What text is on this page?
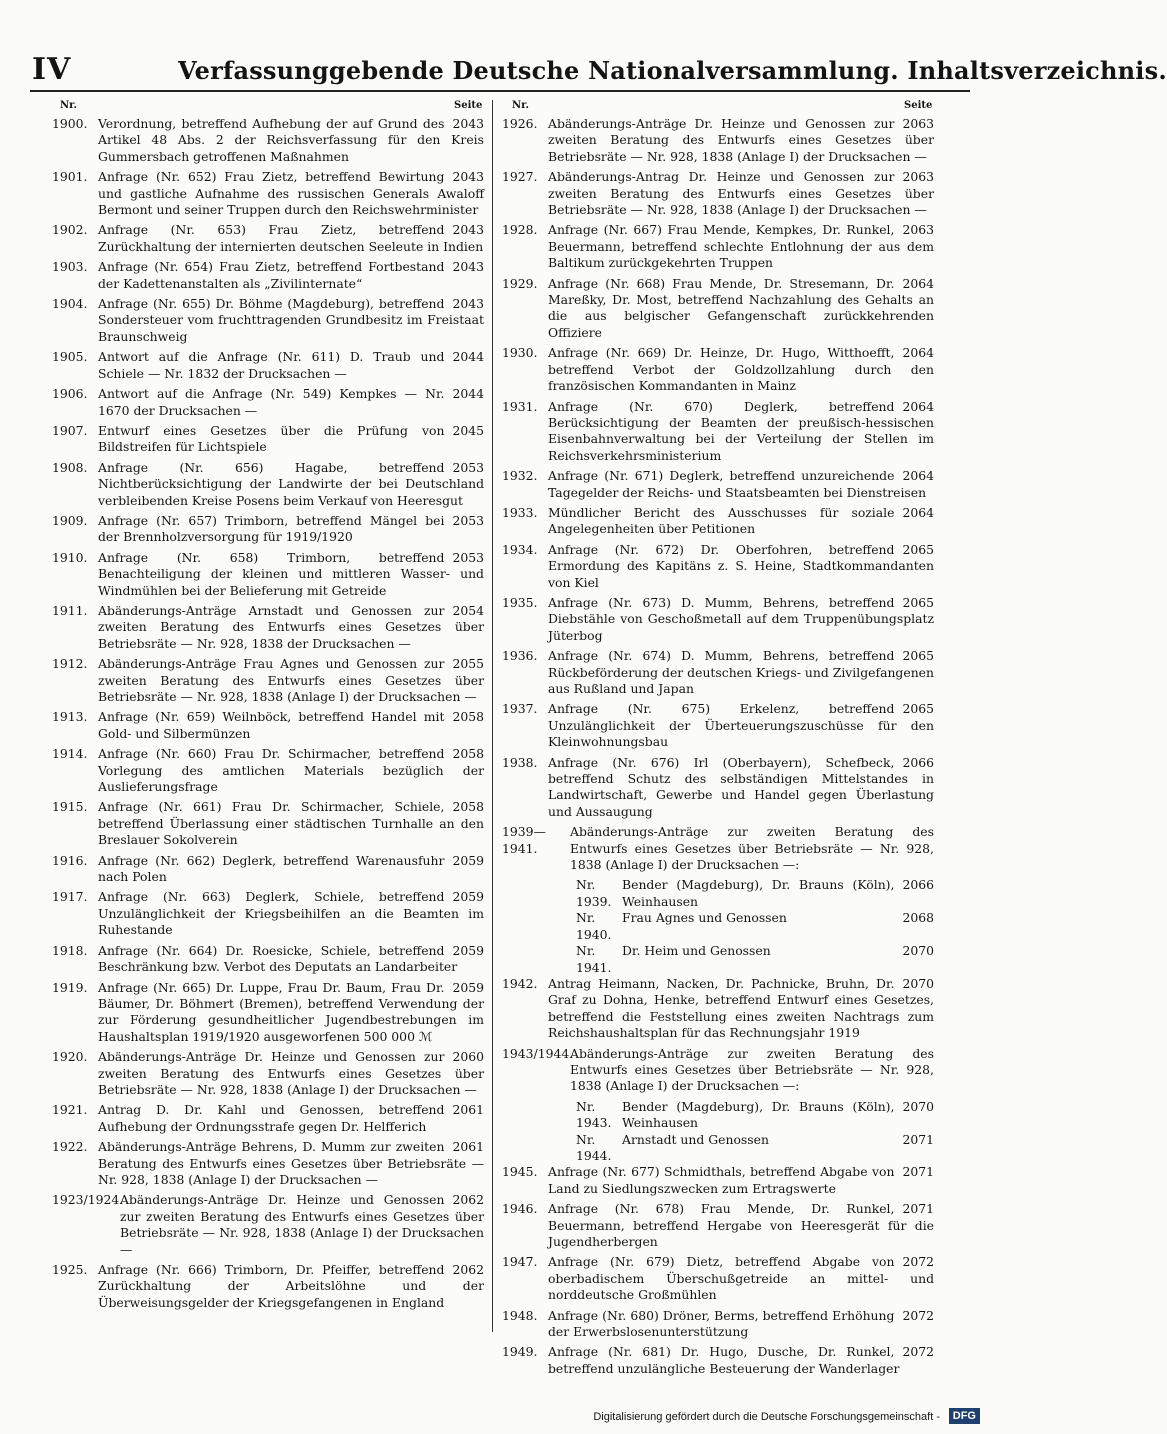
IV	Verfassunggebende Deutsche Nationalversammlung. Inhaltsverzeichnis.
Nr.	Seite	Nr.	Seite
1900.	2043
Verordnung, betreffend Aufhebung der auf Grund des Artikel 48 Abs. 2 der Reichsverfassung für den Kreis Gummersbach getroffenen Maßnahmen
1901.	2043
Anfrage (Nr. 652) Frau Zietz, betreffend Bewirtung und gastliche Aufnahme des russischen Generals Awaloff Bermont und seiner Truppen durch den Reichswehrminister
1902.	2043
Anfrage (Nr. 653) Frau Zietz, betreffend Zurückhaltung der internierten deutschen Seeleute in Indien
1903.	2043
Anfrage (Nr. 654) Frau Zietz, betreffend Fortbestand der Kadettenanstalten als „Zivilinternate“
1904.	2043
Anfrage (Nr. 655) Dr. Böhme (Magdeburg), betreffend Sondersteuer vom fruchttragenden Grundbesitz im Freistaat Braunschweig
1905.	2044
Antwort auf die Anfrage (Nr. 611) D. Traub und Schiele — Nr. 1832 der Drucksachen —
1906.	2044
Antwort auf die Anfrage (Nr. 549) Kempkes — Nr. 1670 der Drucksachen —
1907.	2045
Entwurf eines Gesetzes über die Prüfung von Bildstreifen für Lichtspiele
1908.	2053
Anfrage (Nr. 656) Hagabe, betreffend Nichtberücksichtigung der Landwirte der bei Deutschland verbleibenden Kreise Posens beim Verkauf von Heeresgut
1909.	2053
Anfrage (Nr. 657) Trimborn, betreffend Mängel bei der Brennholzversorgung für 1919/1920
1910.	2053
Anfrage (Nr. 658) Trimborn, betreffend Benachteiligung der kleinen und mittleren Wasser- und Windmühlen bei der Belieferung mit Getreide
1911.	2054
Abänderungs-Anträge Arnstadt und Genossen zur zweiten Beratung des Entwurfs eines Gesetzes über Betriebsräte — Nr. 928, 1838 der Drucksachen —
1912.	2055
Abänderungs-Anträge Frau Agnes und Genossen zur zweiten Beratung des Entwurfs eines Gesetzes über Betriebsräte — Nr. 928, 1838 (Anlage I) der Drucksachen —
1913.	2058
Anfrage (Nr. 659) Weilnböck, betreffend Handel mit Gold- und Silbermünzen
1914.	2058
Anfrage (Nr. 660) Frau Dr. Schirmacher, betreffend Vorlegung des amtlichen Materials bezüglich der Auslieferungsfrage
1915.	2058
Anfrage (Nr. 661) Frau Dr. Schirmacher, Schiele, betreffend Überlassung einer städtischen Turnhalle an den Breslauer Sokolverein
1916.	2059
Anfrage (Nr. 662) Deglerk, betreffend Warenausfuhr nach Polen
1917.	2059
Anfrage (Nr. 663) Deglerk, Schiele, betreffend Unzulänglichkeit der Kriegsbeihilfen an die Beamten im Ruhestande
1918.	2059
Anfrage (Nr. 664) Dr. Roesicke, Schiele, betreffend Beschränkung bzw. Verbot des Deputats an Landarbeiter
1919.	2059
Anfrage (Nr. 665) Dr. Luppe, Frau Dr. Baum, Frau Dr. Bäumer, Dr. Böhmert (Bremen), betreffend Verwendung der zur Förderung gesundheitlicher Jugendbestrebungen im Haushaltsplan 1919/1920 ausgeworfenen 500 000 ℳ
1920.	2060
Abänderungs-Anträge Dr. Heinze und Genossen zur zweiten Beratung des Entwurfs eines Gesetzes über Betriebsräte — Nr. 928, 1838 (Anlage I) der Drucksachen —
1921.	2061
Antrag D. Dr. Kahl und Genossen, betreffend Aufhebung der Ordnungsstrafe gegen Dr. Helfferich
1922.	2061
Abänderungs-Anträge Behrens, D. Mumm zur zweiten Beratung des Entwurfs eines Gesetzes über Betriebsräte — Nr. 928, 1838 (Anlage I) der Drucksachen —
1923/1924.	2062
Abänderungs-Anträge Dr. Heinze und Genossen zur zweiten Beratung des Entwurfs eines Gesetzes über Betriebsräte — Nr. 928, 1838 (Anlage I) der Drucksachen —
1925.	2062
Anfrage (Nr. 666) Trimborn, Dr. Pfeiffer, betreffend Zurückhaltung der Arbeitslöhne und der Überweisungsgelder der Kriegsgefangenen in England
1926.	2063
Abänderungs-Anträge Dr. Heinze und Genossen zur zweiten Beratung des Entwurfs eines Gesetzes über Betriebsräte — Nr. 928, 1838 (Anlage I) der Drucksachen —
1927.	2063
Abänderungs-Antrag Dr. Heinze und Genossen zur zweiten Beratung des Entwurfs eines Gesetzes über Betriebsräte — Nr. 928, 1838 (Anlage I) der Drucksachen —
1928.	2063
Anfrage (Nr. 667) Frau Mende, Kempkes, Dr. Runkel, Beuermann, betreffend schlechte Entlohnung der aus dem Baltikum zurückgekehrten Truppen
1929.	2064
Anfrage (Nr. 668) Frau Mende, Dr. Stresemann, Dr. Mareßky, Dr. Most, betreffend Nachzahlung des Gehalts an die aus belgischer Gefangenschaft zurückkehrenden Offiziere
1930.	2064
Anfrage (Nr. 669) Dr. Heinze, Dr. Hugo, Witthoefft, betreffend Verbot der Goldzollzahlung durch den französischen Kommandanten in Mainz
1931.	2064
Anfrage (Nr. 670) Deglerk, betreffend Berücksichtigung der Beamten der preußisch-hessischen Eisenbahnverwaltung bei der Verteilung der Stellen im Reichsverkehrsministerium
1932.	2064
Anfrage (Nr. 671) Deglerk, betreffend unzureichende Tagegelder der Reichs- und Staatsbeamten bei Dienstreisen
1933.	2064
Mündlicher Bericht des Ausschusses für soziale Angelegenheiten über Petitionen
1934.	2065
Anfrage (Nr. 672) Dr. Oberfohren, betreffend Ermordung des Kapitäns z. S. Heine, Stadtkommandanten von Kiel
1935.	2065
Anfrage (Nr. 673) D. Mumm, Behrens, betreffend Diebstähle von Geschoßmetall auf dem Truppenübungsplatz Jüterbog
1936.	2065
Anfrage (Nr. 674) D. Mumm, Behrens, betreffend Rückbeförderung der deutschen Kriegs- und Zivilgefangenen aus Rußland und Japan
1937.	2065
Anfrage (Nr. 675) Erkelenz, betreffend Unzulänglichkeit der Überteuerungszuschüsse für den Kleinwohnungsbau
1938.	2066
Anfrage (Nr. 676) Irl (Oberbayern), Schefbeck, betreffend Schutz des selbständigen Mittelstandes in Landwirtschaft, Gewerbe und Handel gegen Überlastung und Aussaugung
1939—1941.
Abänderungs-Anträge zur zweiten Beratung des Entwurfs eines Gesetzes über Betriebsräte — Nr. 928, 1838 (Anlage I) der Drucksachen —:
Nr. 1939.
2066
Bender (Magdeburg), Dr. Brauns (Köln), Weinhausen
Nr. 1940.
2068
Frau Agnes und Genossen
Nr. 1941.
2070
Dr. Heim und Genossen
1942.	2070
Antrag Heimann, Nacken, Dr. Pachnicke, Bruhn, Dr. Graf zu Dohna, Henke, betreffend Entwurf eines Gesetzes, betreffend die Feststellung eines zweiten Nachtrags zum Reichshaushaltsplan für das Rechnungsjahr 1919
1943/1944.
Abänderungs-Anträge zur zweiten Beratung des Entwurfs eines Gesetzes über Betriebsräte — Nr. 928, 1838 (Anlage I) der Drucksachen —:
Nr. 1943.
2070
Bender (Magdeburg), Dr. Brauns (Köln), Weinhausen
Nr. 1944.
2071
Arnstadt und Genossen
1945.	2071
Anfrage (Nr. 677) Schmidthals, betreffend Abgabe von Land zu Siedlungszwecken zum Ertragswerte
1946.	2071
Anfrage (Nr. 678) Frau Mende, Dr. Runkel, Beuermann, betreffend Hergabe von Heeresgerät für die Jugendherbergen
1947.	2072
Anfrage (Nr. 679) Dietz, betreffend Abgabe von oberbadischem Überschußgetreide an mittel- und norddeutsche Großmühlen
1948.	2072
Anfrage (Nr. 680) Dröner, Berms, betreffend Erhöhung der Erwerbslosenunterstützung
1949.	2072
Anfrage (Nr. 681) Dr. Hugo, Dusche, Dr. Runkel, betreffend unzulängliche Besteuerung der Wanderlager
Digitalisierung gefördert durch die Deutsche Forschungsgemeinschaft -	DFG
